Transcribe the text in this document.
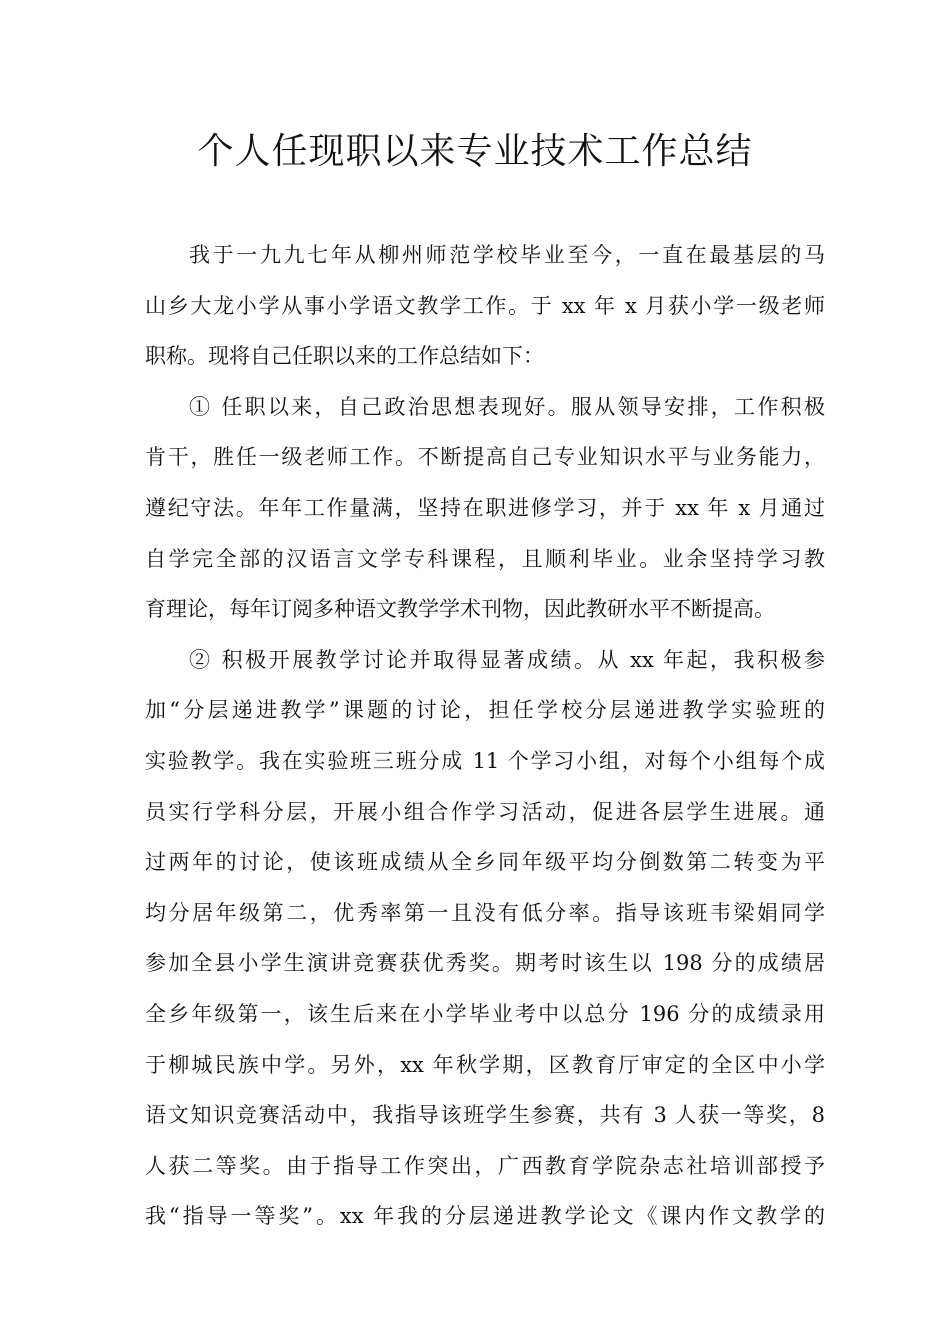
个人任现职以来专业技术工作总结
我于一九九七年从柳州师范学校毕业至今，一直在最基层的马
山乡大龙小学从事小学语文教学工作。于 xx 年 x 月获小学一级老师
职称。现将自己任职以来的工作总结如下：
① 任职以来，自己政治思想表现好。服从领导安排，工作积极
肯干，胜任一级老师工作。不断提高自己专业知识水平与业务能力，
遵纪守法。年年工作量满，坚持在职进修学习，并于 xx 年 x 月通过
自学完全部的汉语言文学专科课程，且顺利毕业。业余坚持学习教
育理论，每年订阅多种语文教学学术刊物，因此教研水平不断提高。
② 积极开展教学讨论并取得显著成绩。从 xx 年起，我积极参
加“分层递进教学”课题的讨论，担任学校分层递进教学实验班的
实验教学。我在实验班三班分成 11 个学习小组，对每个小组每个成
员实行学科分层，开展小组合作学习活动，促进各层学生进展。通
过两年的讨论，使该班成绩从全乡同年级平均分倒数第二转变为平
均分居年级第二，优秀率第一且没有低分率。指导该班韦梁娟同学
参加全县小学生演讲竞赛获优秀奖。期考时该生以 198 分的成绩居
全乡年级第一，该生后来在小学毕业考中以总分 196 分的成绩录用
于柳城民族中学。另外，xx 年秋学期，区教育厅审定的全区中小学
语文知识竞赛活动中，我指导该班学生参赛，共有 3 人获一等奖，8
人获二等奖。由于指导工作突出，广西教育学院杂志社培训部授予
我“指导一等奖”。xx 年我的分层递进教学论文《课内作文教学的
